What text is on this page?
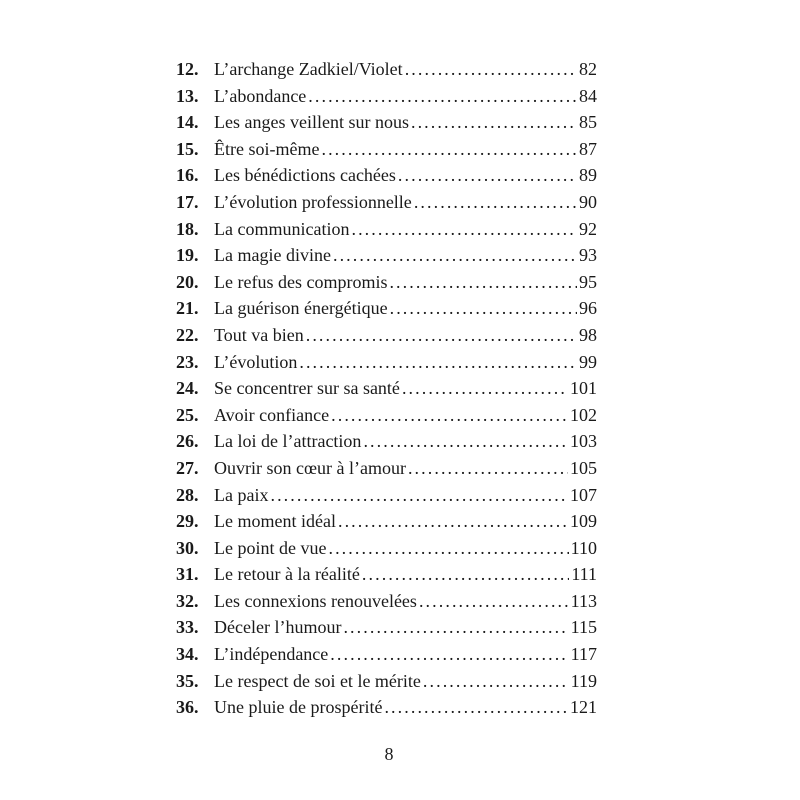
12. L’archange Zadkiel/Violet . . .	82
13. L’abondance . . .	84
14. Les anges veillent sur nous . . .	85
15. Être soi-même . . .	87
16. Les bénédictions cachées . . .	89
17. L’évolution professionnelle . . .	90
18. La communication . . .	92
19. La magie divine . . .	93
20. Le refus des compromis . . .	95
21. La guérison énergétique . . .	96
22. Tout va bien . . .	98
23. L’évolution . . .	99
24. Se concentrer sur sa santé . . .	101
25. Avoir confiance . . .	102
26. La loi de l’attraction . . .	103
27. Ouvrir son cœur à l’amour . . .	105
28. La paix . . .	107
29. Le moment idéal . . .	109
30. Le point de vue . . .	110
31. Le retour à la réalité . . .	111
32. Les connexions renouvelées . . .	113
33. Déceler l’humour . . .	115
34. L’indépendance . . .	117
35. Le respect de soi et le mérite . . .	119
36. Une pluie de prospérité . . .	121
8
